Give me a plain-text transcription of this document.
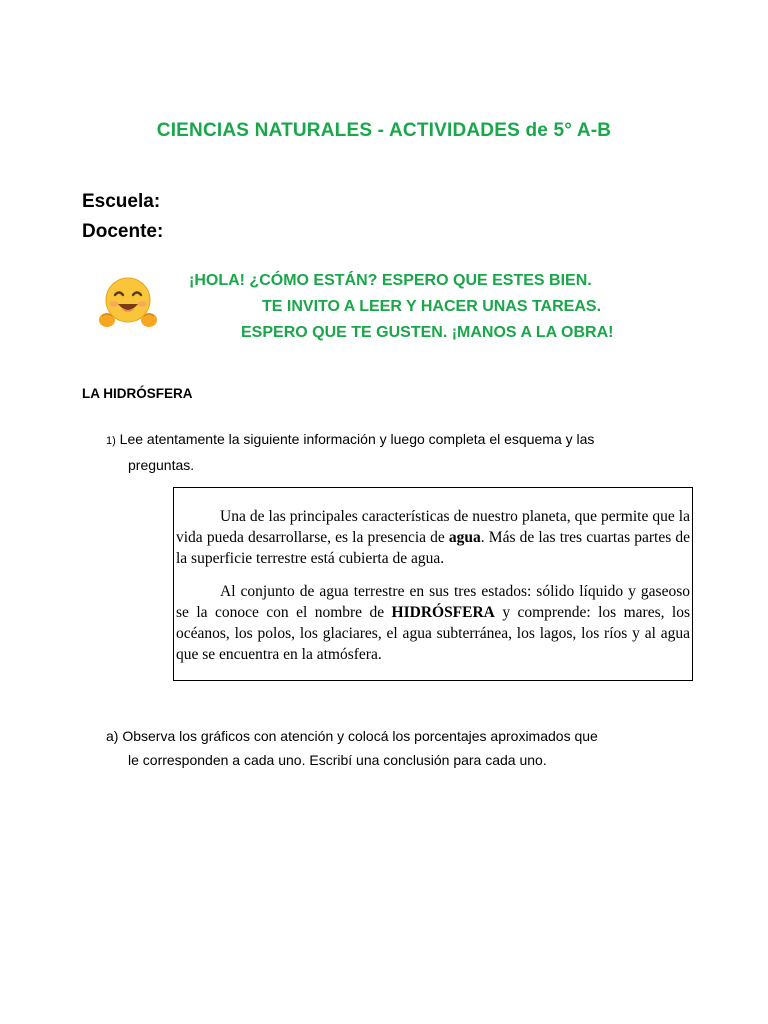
CIENCIAS NATURALES - ACTIVIDADES de 5° A-B
Escuela:
Docente:
¡HOLA! ¿CÓMO ESTÁN? ESPERO QUE ESTES BIEN.
TE INVITO A LEER Y HACER UNAS TAREAS.
ESPERO QUE TE GUSTEN. ¡MANOS A LA OBRA!
LA HIDRÓSFERA
1) Lee atentamente la siguiente información y luego completa el esquema y las
preguntas.

Una de las principales características de nuestro planeta, que permite que la vida pueda desarrollarse, es la presencia de agua. Más de las tres cuartas partes de la superficie terrestre está cubierta de agua.

Al conjunto de agua terrestre en sus tres estados: sólido líquido y gaseoso se la conoce con el nombre de HIDRÓSFERA y comprende: los mares, los océanos, los polos, los glaciares, el agua subterránea, los lagos, los ríos y al agua que se encuentra en la atmósfera.

a) Observa los gráficos con atención y colocá los porcentajes aproximados que
le corresponden a cada uno. Escribí una conclusión para cada uno.
